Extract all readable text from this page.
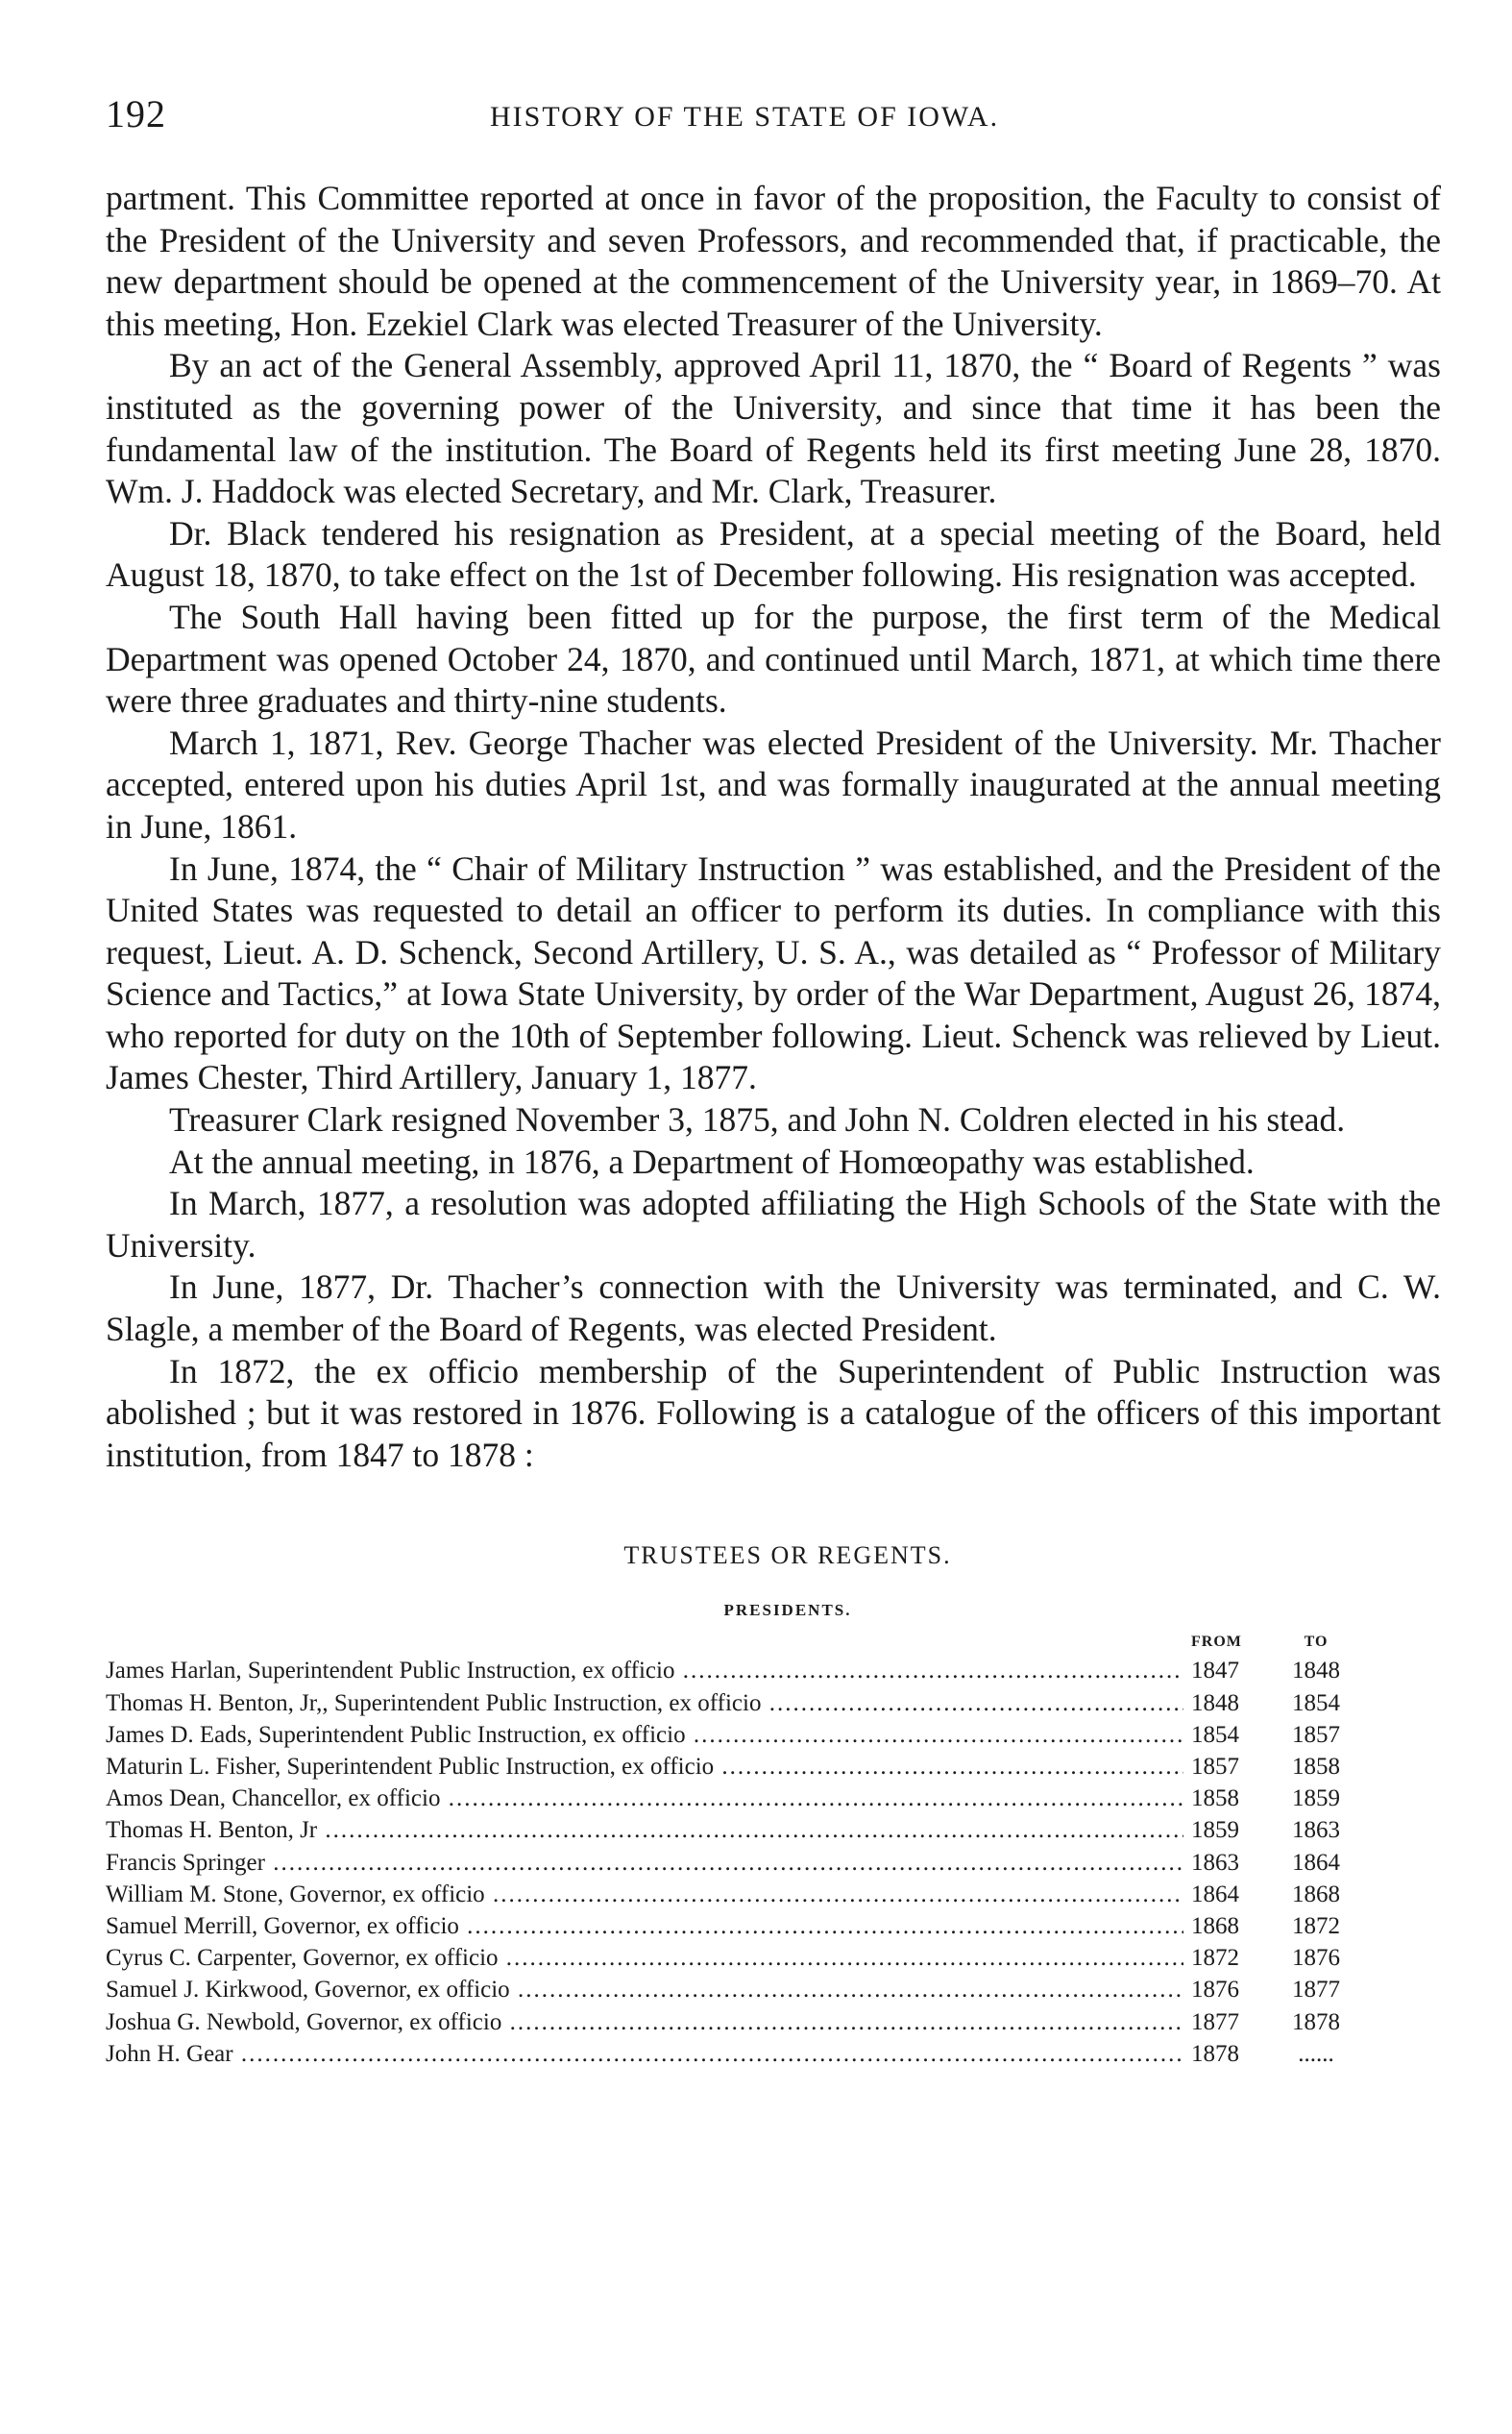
192	HISTORY OF THE STATE OF IOWA.

partment. This Committee reported at once in favor of the proposition, the Faculty to consist of the President of the University and seven Professors, and recommended that, if practicable, the new department should be opened at the commencement of the University year, in 1869–70. At this meeting, Hon. Ezekiel Clark was elected Treasurer of the University.

By an act of the General Assembly, approved April 11, 1870, the “ Board of Regents ” was instituted as the governing power of the University, and since that time it has been the fundamental law of the institution. The Board of Regents held its first meeting June 28, 1870. Wm. J. Haddock was elected Secretary, and Mr. Clark, Treasurer.

Dr. Black tendered his resignation as President, at a special meeting of the Board, held August 18, 1870, to take effect on the 1st of December following. His resignation was accepted.

The South Hall having been fitted up for the purpose, the first term of the Medical Department was opened October 24, 1870, and continued until March, 1871, at which time there were three graduates and thirty-nine students.

March 1, 1871, Rev. George Thacher was elected President of the University. Mr. Thacher accepted, entered upon his duties April 1st, and was formally inaugurated at the annual meeting in June, 1861.

In June, 1874, the “ Chair of Military Instruction ” was established, and the President of the United States was requested to detail an officer to perform its duties. In compliance with this request, Lieut. A. D. Schenck, Second Artillery, U. S. A., was detailed as “ Professor of Military Science and Tactics,” at Iowa State University, by order of the War Department, August 26, 1874, who reported for duty on the 10th of September following. Lieut. Schenck was relieved by Lieut. James Chester, Third Artillery, January 1, 1877.

Treasurer Clark resigned November 3, 1875, and John N. Coldren elected in his stead.

At the annual meeting, in 1876, a Department of Homœopathy was established.

In March, 1877, a resolution was adopted affiliating the High Schools of the State with the University.

In June, 1877, Dr. Thacher’s connection with the University was terminated, and C. W. Slagle, a member of the Board of Regents, was elected President.

In 1872, the ex officio membership of the Superintendent of Public Instruction was abolished ; but it was restored in 1876. Following is a catalogue of the officers of this important institution, from 1847 to 1878 :

TRUSTEES OR REGENTS.
PRESIDENTS.
FROM	TO
James Harlan, Superintendent Public Instruction, ex officio .....	1847	1848
Thomas H. Benton, Jr,, Superintendent Public Instruction, ex officio .....	1848	1854
James D. Eads, Superintendent Public Instruction, ex officio .....	1854	1857
Maturin L. Fisher, Superintendent Public Instruction, ex officio .....	1857	1858
Amos Dean, Chancellor, ex officio .....	1858	1859
Thomas H. Benton, Jr .....	1859	1863
Francis Springer .....	1863	1864
William M. Stone, Governor, ex officio .....	1864	1868
Samuel Merrill, Governor, ex officio .....	1868	1872
Cyrus C. Carpenter, Governor, ex officio .....	1872	1876
Samuel J. Kirkwood, Governor, ex officio .....	1876	1877
Joshua G. Newbold, Governor, ex officio .....	1877	1878
John H. Gear .....	1878	......
